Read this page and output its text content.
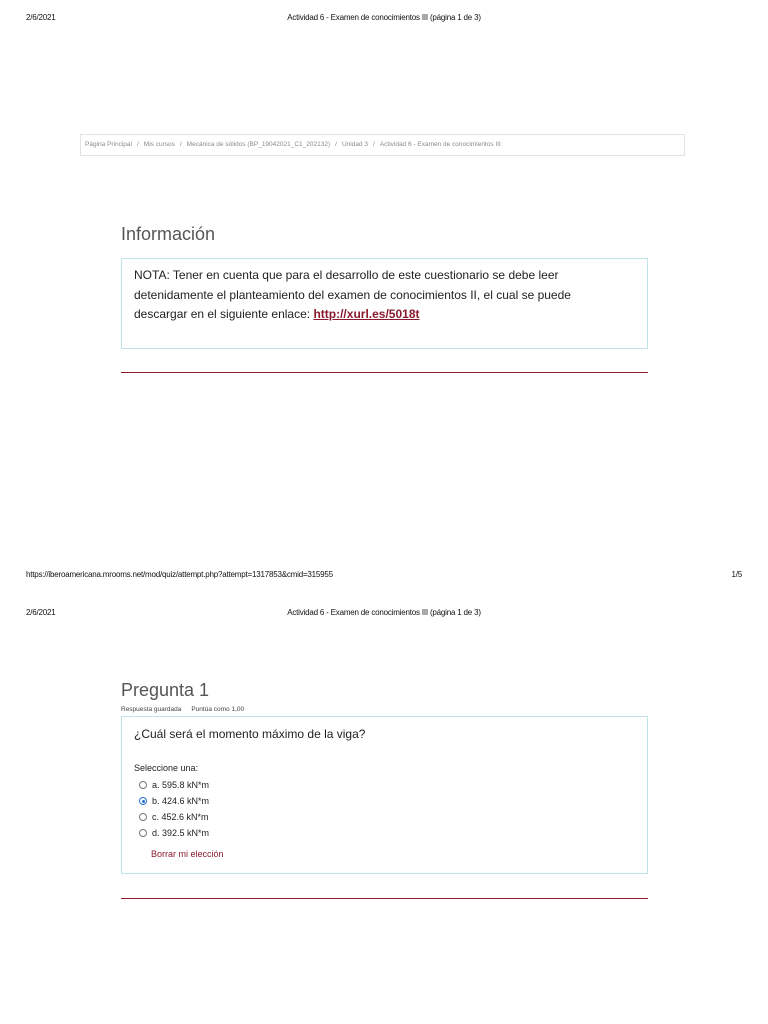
2/6/2021	Actividad 6 - Examen de conocimientos III (página 1 de 3)
Página Principal / Mis cursos / Mecánica de sólidos (BP_19042021_C1_202132) / Unidad 3 / Actividad 6 - Examen de conocimientos III
Información
NOTA: Tener en cuenta que para el desarrollo de este cuestionario se debe leer
detenidamente el planteamiento del examen de conocimientos II, el cual se puede
descargar en el siguiente enlace: http://xurl.es/5018t
https://iberoamericana.mrooms.net/mod/quiz/attempt.php?attempt=1317853&cmid=315955	1/5
2/6/2021	Actividad 6 - Examen de conocimientos III (página 1 de 3)
Pregunta 1
Respuesta guardada Puntúa como 1,00
¿Cuál será el momento máximo de la viga?
Seleccione una:
a. 595.8 kN*m
b. 424.6 kN*m
c. 452.6 kN*m
d. 392.5 kN*m
Borrar mi elección
